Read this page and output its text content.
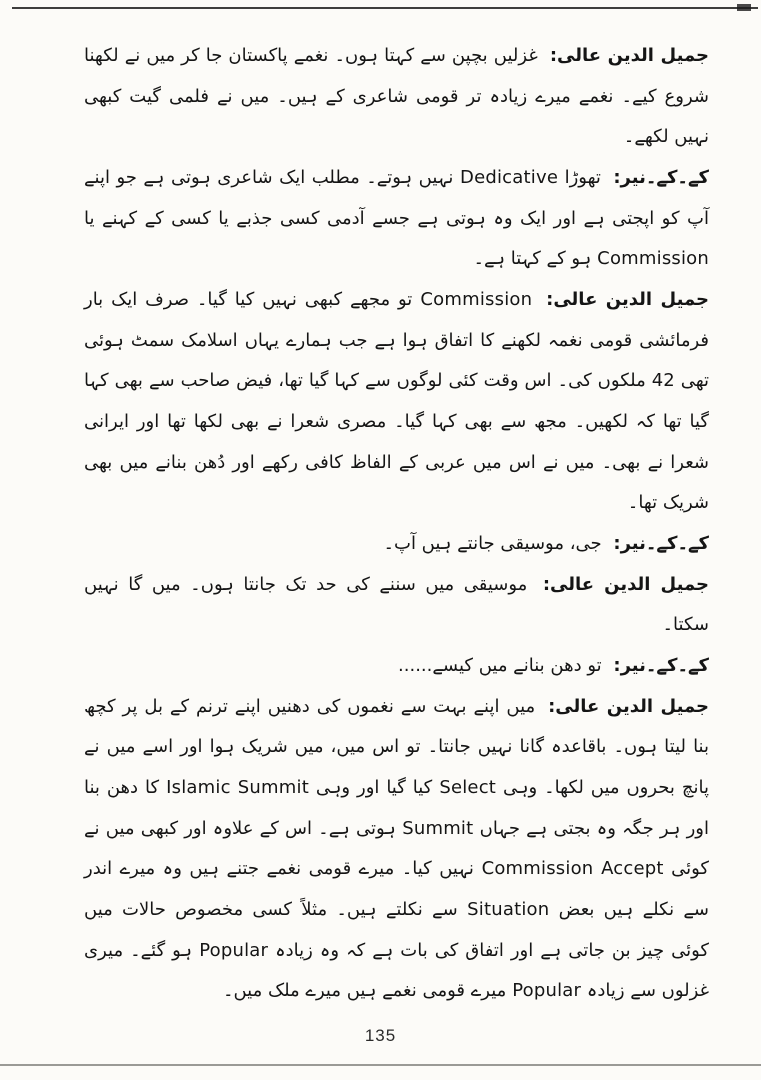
جمیل الدین عالی: غزلیں بچپن سے کہتا ہوں۔ نغمے پاکستان جا کر میں نے لکھنا شروع کیے۔ نغمے میرے زیادہ تر قومی شاعری کے ہیں۔ میں نے فلمی گیت کبھی نہیں لکھے۔

کے۔کے۔نیر: تھوڑا Dedicative نہیں ہوتے۔ مطلب ایک شاعری ہوتی ہے جو اپنے آپ کو اپجتی ہے اور ایک وہ ہوتی ہے جسے آدمی کسی جذبے یا کسی کے کہنے یا Commission ہو کے کہتا ہے۔

جمیل الدین عالی: Commission تو مجھے کبھی نہیں کیا گیا۔ صرف ایک بار فرمائشی قومی نغمہ لکھنے کا اتفاق ہوا ہے جب ہمارے یہاں اسلامک سمٹ ہوئی تھی 42 ملکوں کی۔ اس وقت کئی لوگوں سے کہا گیا تھا، فیض صاحب سے بھی کہا گیا تھا کہ لکھیں۔ مجھ سے بھی کہا گیا۔ مصری شعرا نے بھی لکھا تھا اور ایرانی شعرا نے بھی۔ میں نے اس میں عربی کے الفاظ کافی رکھے اور دُھن بنانے میں بھی شریک تھا۔

کے۔کے۔نیر: جی، موسیقی جانتے ہیں آپ۔

جمیل الدین عالی: موسیقی میں سننے کی حد تک جانتا ہوں۔ میں گا نہیں سکتا۔

کے۔کے۔نیر: تو دھن بنانے میں کیسے......

جمیل الدین عالی: میں اپنے بہت سے نغموں کی دھنیں اپنے ترنم کے بل پر کچھ بنا لیتا ہوں۔ باقاعدہ گانا نہیں جانتا۔ تو اس میں، میں شریک ہوا اور اسے میں نے پانچ بحروں میں لکھا۔ وہی Select کیا گیا اور وہی Islamic Summit کا دھن بنا اور ہر جگہ وہ بجتی ہے جہاں Summit ہوتی ہے۔ اس کے علاوہ اور کبھی میں نے کوئی Commission Accept نہیں کیا۔ میرے قومی نغمے جتنے ہیں وہ میرے اندر سے نکلے ہیں بعض Situation سے نکلتے ہیں۔ مثلاً کسی مخصوص حالات میں کوئی چیز بن جاتی ہے اور اتفاق کی بات ہے کہ وہ زیادہ Popular ہو گئے۔ میری غزلوں سے زیادہ Popular میرے قومی نغمے ہیں میرے ملک میں۔

135
